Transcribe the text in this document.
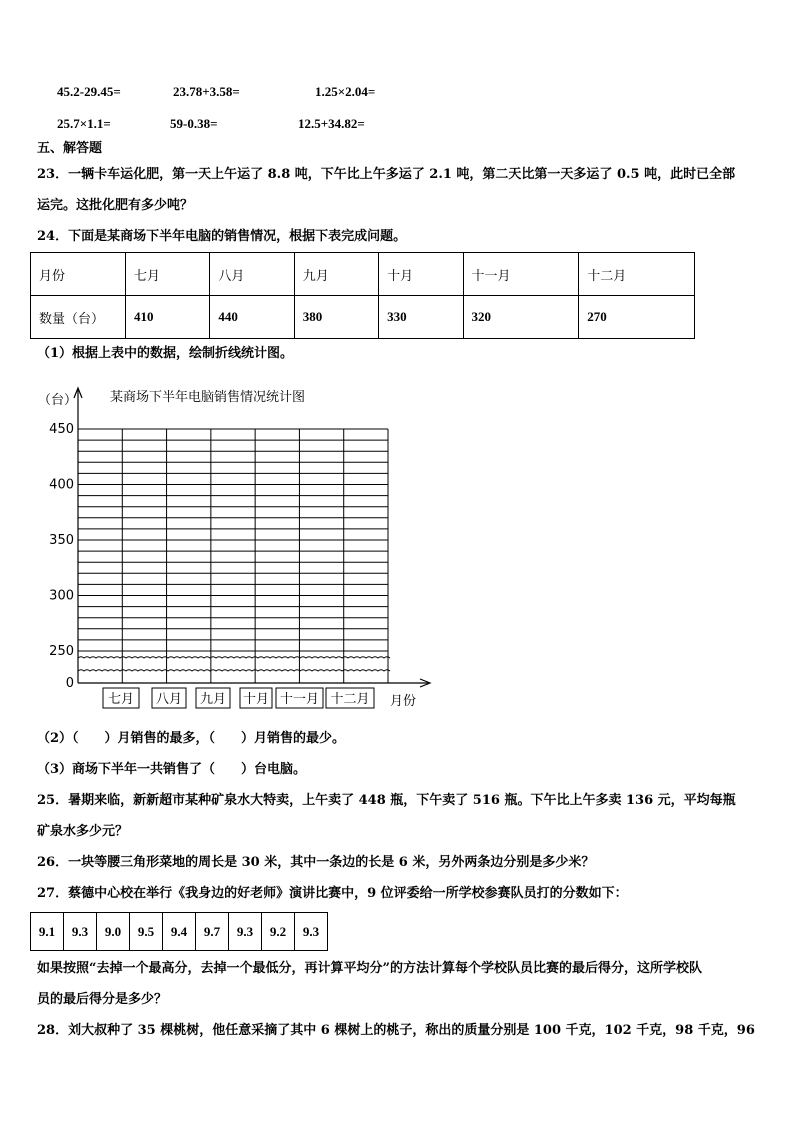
45.2-29.45=	23.78+3.58=	1.25×2.04=
25.7×1.1=	59-0.38=	12.5+34.82=
五、解答题
23．一辆卡车运化肥，第一天上午运了 8.8 吨，下午比上午多运了 2.1 吨，第二天比第一天多运了 0.5 吨，此时已全部
运完。这批化肥有多少吨？
24．下面是某商场下半年电脑的销售情况，根据下表完成问题。
月份	七月	八月	九月	十月	十一月	十二月
数量（台）	410	440	380	330	320	270
（1）根据上表中的数据，绘制折线统计图。
某商场下半年电脑销售情况统计图
（台）
0
250
300
350
400
450
七月 八月 九月 十月 十一月 十二月 月份
（2）（　　）月销售的最多，（　　）月销售的最少。
（3）商场下半年一共销售了（　　）台电脑。
25．暑期来临，新新超市某种矿泉水大特卖，上午卖了 448 瓶，下午卖了 516 瓶。下午比上午多卖 136 元，平均每瓶
矿泉水多少元？
26．一块等腰三角形菜地的周长是 30 米，其中一条边的长是 6 米，另外两条边分别是多少米？
27．蔡德中心校在举行《我身边的好老师》演讲比赛中，9 位评委给一所学校参赛队员打的分数如下：
9.1	9.3	9.0	9.5	9.4	9.7	9.3	9.2	9.3
如果按照“去掉一个最高分，去掉一个最低分，再计算平均分”的方法计算每个学校队员比赛的最后得分，这所学校队
员的最后得分是多少？
28．刘大叔种了 35 棵桃树，他任意采摘了其中 6 棵树上的桃子，称出的质量分别是 100 千克，102 千克，98 千克，96
